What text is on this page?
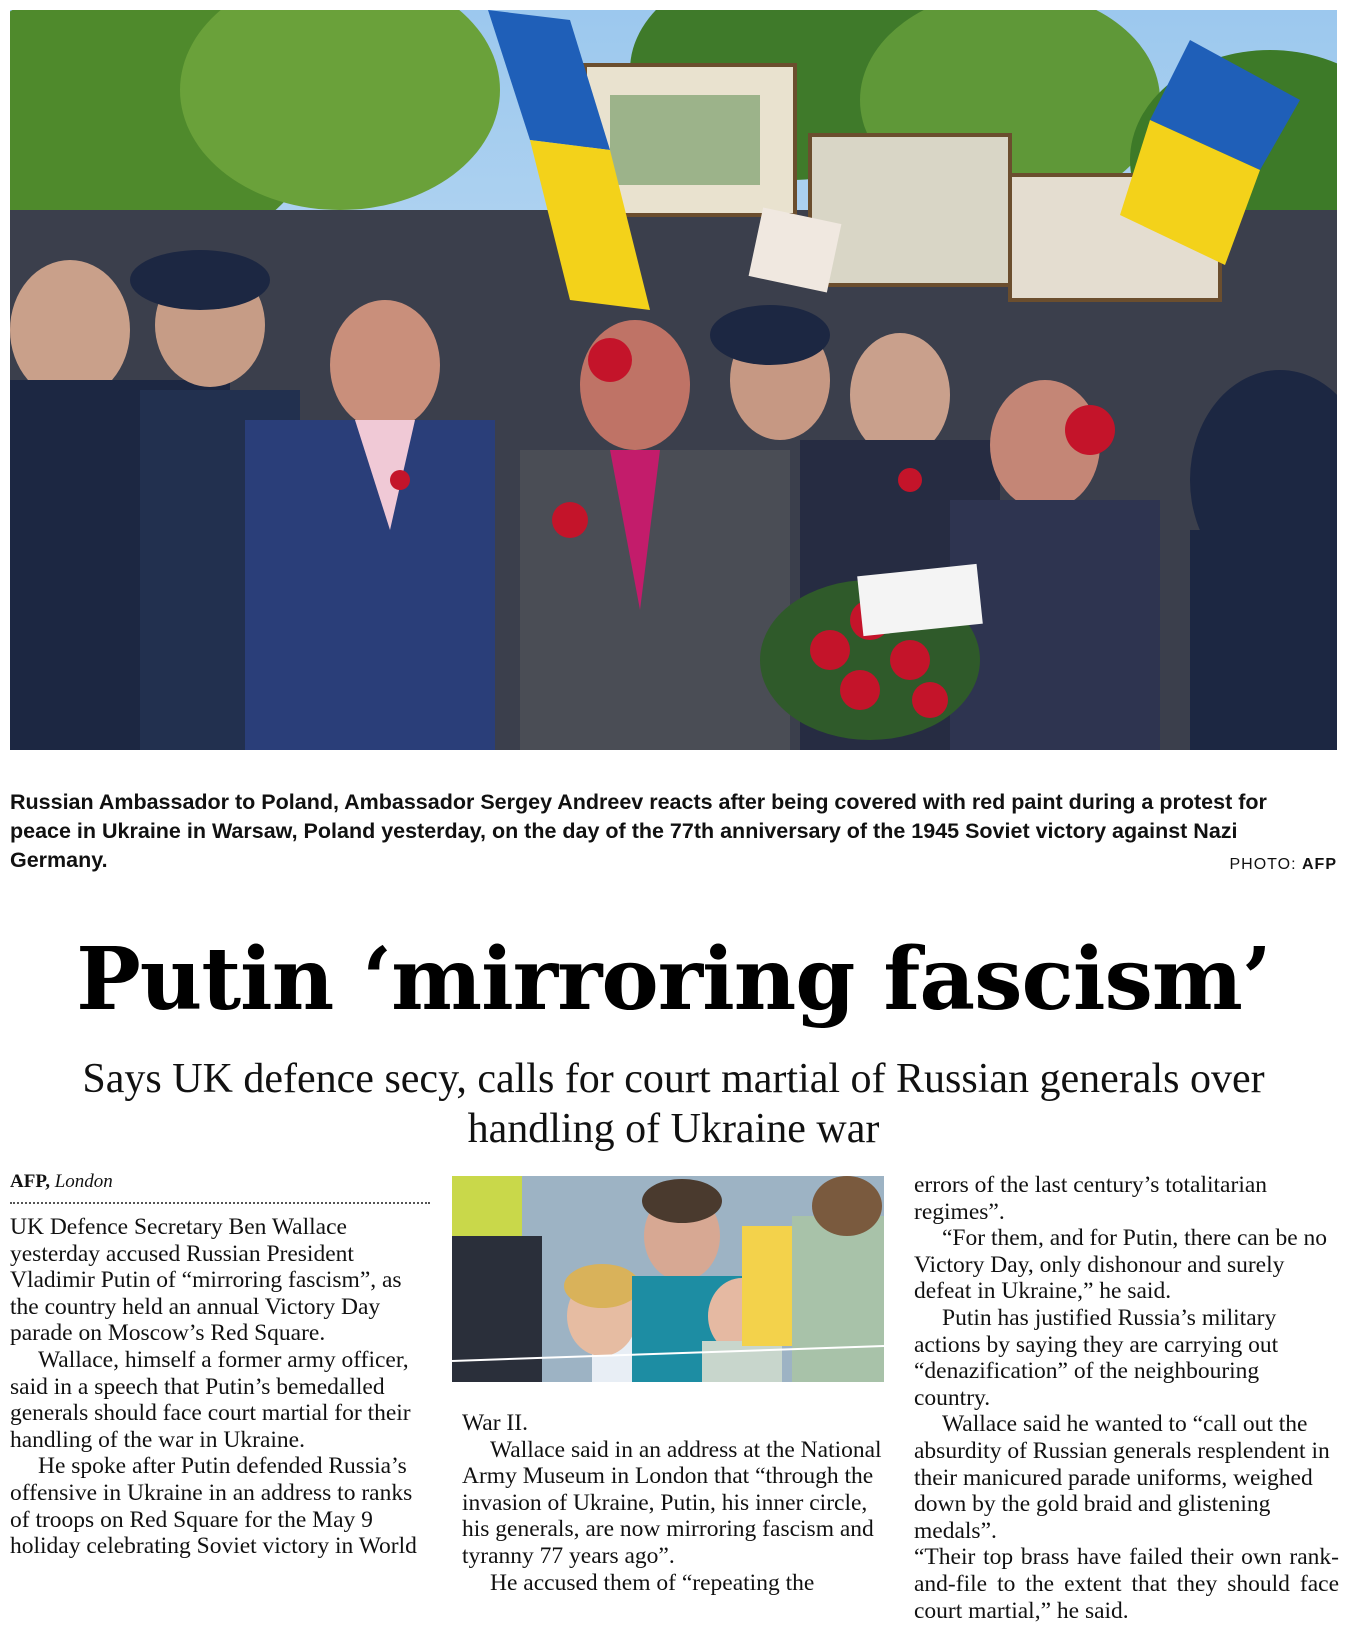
Russian Ambassador to Poland, Ambassador Sergey Andreev reacts after being covered with red paint during a protest for peace in Ukraine in Warsaw, Poland yesterday, on the day of the 77th anniversary of the 1945 Soviet victory against Nazi Germany.	PHOTO: AFP
Putin ‘mirroring fascism’
Says UK defence secy, calls for court martial of Russian generals over handling of Ukraine war
AFP, London

UK Defence Secretary Ben Wallace yesterday accused Russian President Vladimir Putin of “mirroring fascism”, as the country held an annual Victory Day parade on Moscow’s Red Square.

Wallace, himself a former army officer, said in a speech that Putin’s bemedalled generals should face court martial for their handling of the war in Ukraine.

He spoke after Putin defended Russia’s offensive in Ukraine in an address to ranks of troops on Red Square for the May 9 holiday celebrating Soviet victory in World

War II.

Wallace said in an address at the National Army Museum in London that “through the invasion of Ukraine, Putin, his inner circle, his generals, are now mirroring fascism and tyranny 77 years ago”.

He accused them of “repeating the

errors of the last century’s totalitarian regimes”.

“For them, and for Putin, there can be no Victory Day, only dishonour and surely defeat in Ukraine,” he said.

Putin has justified Russia’s military actions by saying they are carrying out “denazification” of the neighbouring country.

Wallace said he wanted to “call out the absurdity of Russian generals resplendent in their manicured parade uniforms, weighed down by the gold braid and glistening medals”.

“Their top brass have failed their own rank-and-file to the extent that they should face court martial,” he said.
